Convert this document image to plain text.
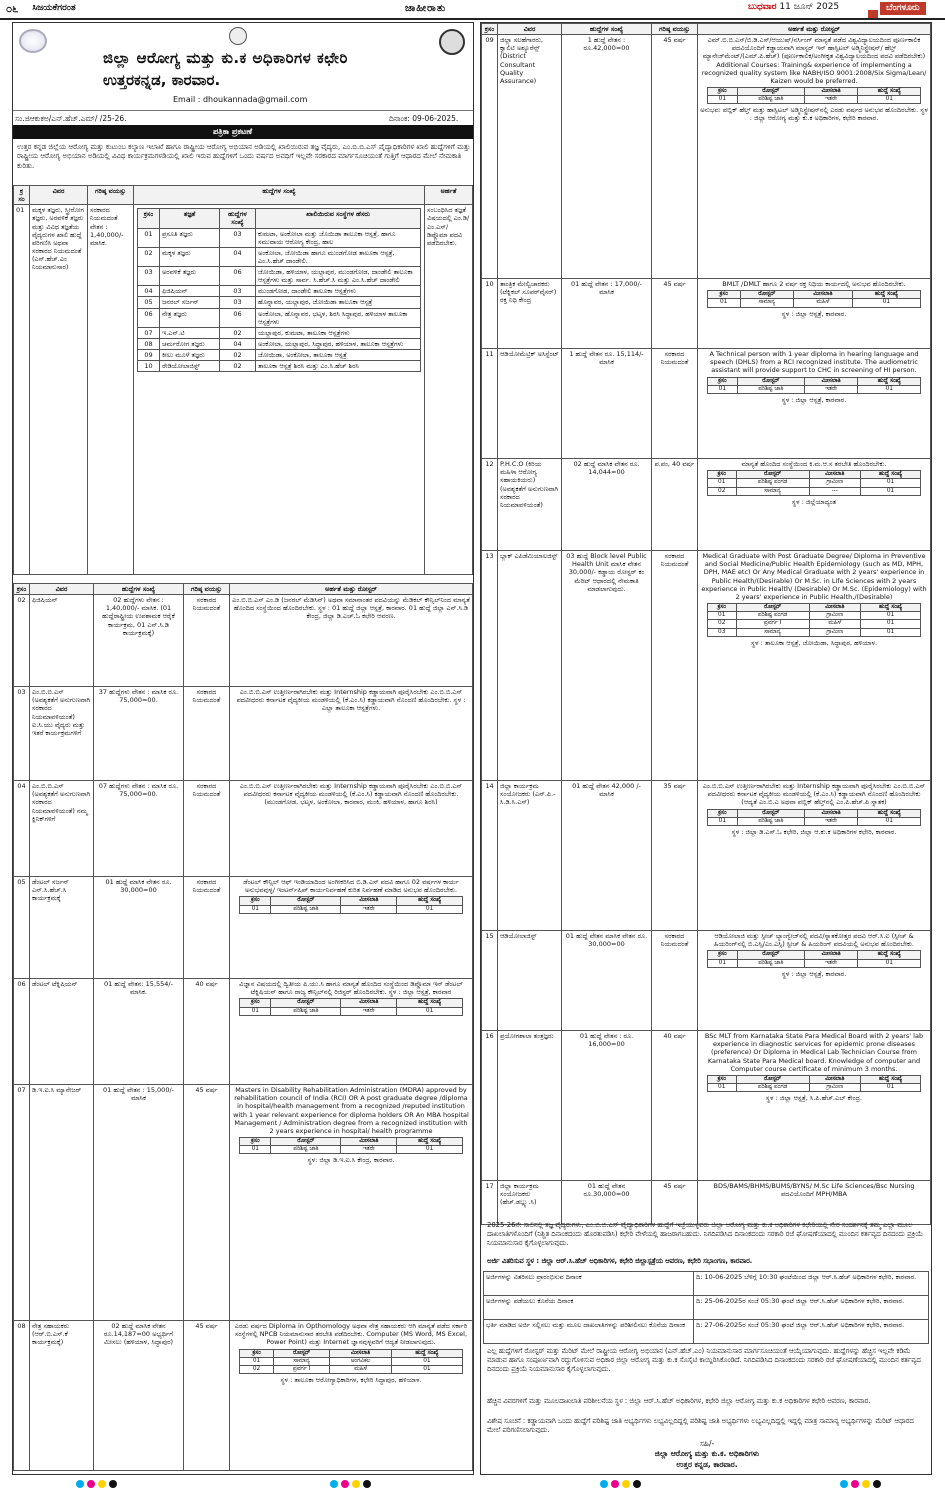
೦೬	ಸಿಜಯಕೆಗರಂತ	ಜಾಹೀರಾತು	ಬುಧವಾರ 11 ಜೂನ್ 2025	ಬೆಂಗಳೂರು
ಜಿಲ್ಲಾ ಆರೋಗ್ಯ ಮತ್ತು ಕು.ಕ ಅಧಿಕಾರಿಗಳ ಕಛೇರಿ
ಉತ್ತರಕನ್ನಡ, ಕಾರವಾರ.
Email : dhoukannada@gmail.com
ಸಂ.ಜಿಆಕುಕಅ/ಎನ್.ಹೆಚ್.ಎಮ್/ /25-26.	ದಿನಾಂಕ: 09-06-2025.
ಪತ್ರಿಕಾ ಪ್ರಕಟಣೆ
ಉತ್ತರ ಕನ್ನಡ ಜಿಲ್ಲೆಯ ಆರೋಗ್ಯ ಮತ್ತು ಕುಟುಂಬ ಕಲ್ಯಾಣ ಇಲಾಖೆ ಹಾಗೂ ರಾಷ್ಟ್ರೀಯ ಆರೋಗ್ಯ ಅಭಿಯಾನ ಅಡಿಯಲ್ಲಿ ಖಾಲಿಯಿರುವ ತಜ್ಞ ವೈದ್ಯರು, ಎಂ.ಬಿ.ಬಿ.ಎಸ್ ವೈದ್ಯಾಧಿಕಾರಿಗಳ ಖಾಲಿ ಹುದ್ದೆಗಳಿಗೆ ಮತ್ತು ರಾಷ್ಟ್ರೀಯ ಆರೋಗ್ಯ ಅಭಿಯಾನ ಅಡಿಯಲ್ಲಿ ವಿವಿಧ ಕಾರ್ಯಕ್ರಮಗಳಡಿಯಲ್ಲಿ ಖಾಲಿ ಇರುವ ಹುದ್ದೆಗಳಿಗೆ ಒಂದು ವರ್ಷದ ಅವಧಿಗೆ ಇಲ್ಲವೇ ಸರಕಾರದ ಮಾರ್ಗಸೂಚಿಯಂತೆ ಗುತ್ತಿಗೆ ಆಧಾರದ ಮೇಲೆ ನೇಮಕಾತಿ ಕುರಿತು.
ಕ್ರ ಸಂ	ವಿವರ	ಗರಿಷ್ಠ ವಯಸ್ಸು	ಹುದ್ದೆಗಳ ಸಂಖ್ಯೆ	ಅರ್ಹತೆ
01	ಮಕ್ಕಳ ತಜ್ಞರು, ಸ್ತ್ರೀರೋಗ ತಜ್ಞರು, ಅರವಳಿಕೆ ತಜ್ಞರು ಮತ್ತು ವಿವಿಧ ತಜ್ಞತೆಯ ವೈದ್ಯರುಗಳ ಖಾಲಿ ಹುದ್ದೆ ಪರಿಗಣಿಸಿ ಅಥವಾ ಸರಕಾರದ ನಿಯಮದಂತೆ (ಎನ್.ಹೆಚ್.ಎಂ ನಿಯಮಾನುಸಾರ)	ಸರಕಾರದ ನಿಯಮದಂತೆ ವೇತನ : 1,40,000/- ಮಾಸಿಕ.	
ಕ್ರಸಂ	ತಜ್ಞತೆ	ಹುದ್ದೆಗಳ ಸಂಖ್ಯೆ	ಖಾಲಿಯಿರುವ ಸಂಸ್ಥೆಗಳ ಹೆಸರು
01	ಪ್ರಸೂತಿ ತಜ್ಞರು	03	ಕುಮಟಾ, ಅಂಕೋಲಾ ಮತ್ತು ಜೊಯಿಡಾ ತಾಲೂಕಾ ಆಸ್ಪತ್ರೆ, ಹಾಗೂ ಸಮುದಾಯ ಆರೋಗ್ಯ ಕೇಂದ್ರ, ಹಾಲ
02	ಮಕ್ಕಳ ತಜ್ಞರು	04	ಅಂಕೋಲಾ, ಜೋಯಿಡಾ ಹಾಗೂ ಮುಂಡಗೋಡ ತಾಲೂಕಾ ಆಸ್ಪತ್ರೆ, ಎಂ.ಸಿ.ಹೆಚ್ ದಾಂಡೇಲಿ.
03	ಅರವಳಿಕೆ ತಜ್ಞರು	06	ಜೋಯಿಡಾ, ಹಳಿಯಾಳ, ಯಲ್ಲಾಪುರ, ಮುಂಡಗೋಡ, ದಾಂಡೇಲಿ ತಾಲೂಕಾ ಆಸ್ಪತ್ರೆಗಳು ಮತ್ತು ಸಾರ್ವ. ಸಿ.ಹೆಚ್.ಸಿ ಮತ್ತು ಎಂ.ಸಿ.ಹೆಚ್ ದಾಂಡೇಲಿ
04	ಫಿಜಿಷಿಯನ್	03	ಮುಂಡಗೋಡ, ದಾಂಡೇಲಿ ತಾಲೂಕಾ ಆಸ್ಪತ್ರೆಗಳು
05	ಜನರಲ್ ಸರ್ಜನ್	03	ಹೊನ್ನಾವರ, ಯಲ್ಲಾಪುರ, ಜೋಯಿಡಾ ತಾಲೂಕಾ ಆಸ್ಪತ್ರೆ
06	ನೇತ್ರ ತಜ್ಞರು	06	ಅಂಕೋಲಾ, ಹೊನ್ನಾವರ, ಭಟ್ಕಳ, ಶಿರಸಿ ಸಿದ್ಧಾಪುರ, ಹಳಿಯಾಳ ತಾಲೂಕಾ ಆಸ್ಪತ್ರೆಗಳು
07	ಇ.ಎನ್.ಟಿ	02	ಯಲ್ಲಾಪುರ, ಕುಮಟಾ, ತಾಲೂಕಾ ಆಸ್ಪತ್ರೆಗಳು
08	ಚರ್ಮರೋಗ ತಜ್ಞರು	04	ಅಂಕೋಲಾ, ಯಲ್ಲಾಪುರ, ಸಿದ್ಧಾಪುರ, ಹಳಿಯಾಳ, ತಾಲೂಕಾ ಆಸ್ಪತ್ರೆಗಳು
09	ಕೀಲು ಮೂಳೆ ತಜ್ಞರು	02	ಜೋಯಿಡಾ, ಅಂಕೋಲಾ, ತಾಲೂಕಾ ಆಸ್ಪತ್ರೆ
10	ರೇಡಿಯೋಲಾಜಿಸ್ಟ್	02	ತಾಲೂಕಾ ಆಸ್ಪತ್ರೆ ಶಿರಸಿ ಮತ್ತು ಎಂ.ಸಿ.ಹೆಚ್ ಶಿರಸಿ
	ಸಂಬಂಧಿಸಿದ ತಜ್ಞತೆ ವಿಷಯದಲ್ಲಿ ಎಂ.ಡಿ/ ಎಂ.ಎಸ್/ ಡಿಪ್ಲೊಮಾ ಪದವಿ ಪಡೆದಿರಬೇಕು.
ಕ್ರಸಂ	ವಿವರ	ಹುದ್ದೆಗಳ ಸಂಖ್ಯೆ	ಗರಿಷ್ಠ ವಯಸ್ಸು	ಅರ್ಹತೆ ಮತ್ತು ರೋಸ್ಟರ್
02	ಫಿಜಿಷಿಯನ್	02 ಹುದ್ದೆಗಳು ವೇತನ : 1,40,000/- ಮಾಸಿಕ. (01 ಹುದ್ದೆರಾಷ್ಟ್ರೀಯ ಉಪಶಾಮಕ ಆರೈಕೆ ಕಾರ್ಯಕ್ರಮ, 01 ಎನ್.ಸಿ.ಡಿ ಕಾರ್ಯಕ್ರಮಕ್ಕೆ)	ಸರಕಾರದ ನಿಯಮದಂತೆ	
ಎಂ.ಬಿ.ಬಿ.ಎಸ್ ಎಂ.ಡಿ (ಜನರಲ್ ಮೆಡಿಸಿನ್) ಅಥವಾ ಸಮಾನಾಂತರ ಪದವಿಯನ್ನು ಮೆಡಿಕಲ್ ಕೌನ್ಸಿಲ್‌ನಿಂದ ಮಾನ್ಯತೆ ಹೊಂದಿದ ಸಂಸ್ಥೆಯಿಂದ ಹೊಂದಿರಬೇಕು. ಸ್ಥಳ : 01 ಹುದ್ದೆ ಜಿಲ್ಲಾ ಆಸ್ಪತ್ರೆ, ಕಾರವಾರ. 01 ಹುದ್ದೆ ಜಿಲ್ಲಾ ಎನ್.ಸಿ.ಡಿ ಕೇಂದ್ರ, ಜಿಲ್ಲಾ ಡಿ.ಎಚ್.ಓ ಕಛೇರಿ ಆವರಣ.

03	ಎಂ.ಬಿ.ಬಿ.ಎಸ್ (ಅವಶ್ಯಕತೆಗೆ ಅನುಗುಣವಾಗಿ ಸರಕಾರದ ನಿಯಮಾವಳಿಯಂತೆ) ಐ.ಸಿ.ಯು ವೈದ್ಯರು ಮತ್ತು ಇತರೆ ಕಾರ್ಯಕ್ರಮಗಳಿಗೆ	37 ಹುದ್ದೆಗಳು ವೇತನ : ಮಾಸಿಕ ರೂ. 75,000=00.	ಸರಕಾರದ ನಿಯಮದಂತೆ	
ಎಂ.ಬಿ.ಬಿ.ಎಸ್ ಉತ್ತೀರ್ಣರಾಗಿರಬೇಕು ಮತ್ತು Internship ಕಡ್ಡಾಯವಾಗಿ ಪೂರೈಸಿರಬೇಕು ಎಂ.ಬಿ.ಬಿ.ಎಸ್ ಪದವೀಧರರು ಕರ್ನಾಟಕ ವೈದ್ಯಕೀಯ ಮಂಡಳಿಯಲ್ಲಿ (ಕೆ.ಎಂ.ಸಿ) ಕಡ್ಡಾಯವಾಗಿ ನೊಂದಣಿ ಹೊಂದಿರಬೇಕು. ಸ್ಥಳ : ಎಲ್ಲಾ ತಾಲೂಕಾ ಆಸ್ಪತ್ರೆಗಳು.

04	ಎಂ.ಬಿ.ಬಿ.ಎಸ್ (ಅವಶ್ಯಕತೆಗೆ ಅನುಗುಣವಾಗಿ ಸರಕಾರದ ನಿಯಮಾವಳಿಯಂತೆ) ನಮ್ಮ ಕ್ಲಿನಿಕ್‌ಗಳಿಗೆ	07 ಹುದ್ದೆಗಳು ವೇತನ : ಮಾಸಿಕ ರೂ. 75,000=00.	ಸರಕಾರದ ನಿಯಮದಂತೆ	
ಎಂ.ಬಿ.ಬಿ.ಎಸ್ ಉತ್ತೀರ್ಣರಾಗಿರಬೇಕು ಮತ್ತು Internship ಕಡ್ಡಾಯವಾಗಿ ಪೂರೈಸಿರಬೇಕು ಎಂ.ಬಿ.ಬಿ.ಎಸ್ ಪದವೀಧರರು ಕರ್ನಾಟಕ ವೈದ್ಯಕೀಯ ಮಂಡಳಿಯಲ್ಲಿ (ಕೆ.ಎಂ.ಸಿ) ಕಡ್ಡಾಯವಾಗಿ ನೊಂದಣಿ ಹೊಂದಿರಬೇಕು. (ಮುಂಡಗೋಡ, ಭಟ್ಕಳ, ಅಂಕೋಲಾ, ಕಾರವಾರ, ಮಂಕಿ, ಹಳಿಯಾಳ, ಹಾಗೂ ಶಿರಸಿ)

05	ಡೆಂಟಲ್ ಸರ್ಜನ್ ಎನ್.ಸಿ.ಹೆಚ್.ಸಿ ಕಾರ್ಯಕ್ರಮಕ್ಕೆ	01 ಹುದ್ದೆ ಮಾಸಿಕ ವೇತನ ರೂ. 30,000=00	ಸರಕಾರದ ನಿಯಮದಂತೆ	
ಡೆಂಟಲ್ ಕೌನ್ಸಿಲ್ ಆಫ್ ಇಂಡಿಯಾದಿಂದ ಅಂಗೀಕರಿಸಿದ ಬಿ.ಡಿ.ಎಸ್ ಪದವಿ ಹಾಗೂ 02 ವರ್ಷಗಳ ಕಾರ್ಯ ಅನುಭವವುಳ್ಳ/ ಇಂಟರ್ನ್‌ಷಿಪ್ ಕಾರ್ಯನಿರ್ವಹಣೆ ಕುರಿತ ನಿರ್ವಹಣೆ ಮಾಡಿದ ಅನುಭವ ಹೊಂದಿರಬೇಕು.
ಕ್ರಸಂ	ರೋಸ್ಟರ್	ಮೀಸಲಾತಿ	ಹುದ್ದೆ ಸಂಖ್ಯೆ
01	ಪರಿಶಿಷ್ಟ ಜಾತಿ	ಇತರೇ	01

06	ಡೆಂಟಲ್ ಟೆಕ್ನಿಷಿಯನ್	01 ಹುದ್ದೆ ವೇತನ: 15,554/- ಮಾಸಿಕ.	40 ವರ್ಷ	ವಿಜ್ಞಾನ ವಿಷಯದಲ್ಲಿ ದ್ವಿತೀಯ ಪಿ.ಯು.ಸಿ ಹಾಗೂ ಮಾನ್ಯತೆ ಹೊಂದಿದ ಸಂಸ್ಥೆಯಿಂದ ಡಿಪ್ಲೊಮಾ ಇನ್ ಡೆಂಟಲ್ ಟೆಕ್ನಿಷಿಯನ್ ಹಾಗೂ ರಾಜ್ಯ ಕೌನ್ಸಿಲ್‌ನಲ್ಲಿ ರಿಜಿಸ್ಟರ್ ಹೊಂದಿರಬೇಕು. ಸ್ಥಳ : ಜಿಲ್ಲಾ ಆಸ್ಪತ್ರೆ, ಕಾರವಾರ
ಕ್ರಸಂ	ರೋಸ್ಟರ್	ಮೀಸಲಾತಿ	ಹುದ್ದೆ ಸಂಖ್ಯೆ
01	ಪರಿಶಿಷ್ಟ ಜಾತಿ	ಇತರೇ	01

07	ಡಿ.ಇ.ಐ.ಸಿ ಮ್ಯಾನೇಜರ್	01 ಹುದ್ದೆ ವೇತನ : 15,000/- ಮಾಸಿಕ	45 ವರ್ಷ	Masters in Disability Rehabilitation Administration (MDRA) approved by rehabilitation council of India (RCI) OR A post graduate degree /diploma in hospital/health management from a recognized /reputed institution with 1 year relevant experience for diploma holders OR An MBA hospital Management / Administration degree from a recognized institution with 2 years experience in hospital/ health programme
ಕ್ರಸಂ	ರೋಸ್ಟರ್	ಮೀಸಲಾತಿ	ಹುದ್ದೆ ಸಂಖ್ಯೆ
01	ಪರಿಶಿಷ್ಟ ಜಾತಿ	ಇತರೇ	01
ಸ್ಥಳ: ಜಿಲ್ಲಾ ಡಿ.ಇ.ಐ.ಸಿ ಕೇಂದ್ರ, ಕಾರವಾರ.

08	ನೇತ್ರ ಸಹಾಯಕರು (ಆರ್.ಬಿ.ಎಸ್.ಕೆ ಕಾರ್ಯಕ್ರಮಕ್ಕೆ)	02 ಹುದ್ದೆ ಮಾಸಿಕ ವೇತನ ರೂ.14,187=00 ಅಭ್ಯರ್ಥಿಗೆ ಮೀಸಲು (ಹಳಿಯಾಳ, ಸಿದ್ಧಾಪುರ)	45 ವರ್ಷ	ಎರಡು ವರ್ಷದ Diploma in Opthomology ಅಥವಾ ನೇತ್ರ ಸಹಾಯಕರು ಆಗಿ ಮಾನ್ಯತೆ ಪಡೆದ ಸರ್ಕಾರಿ ಸಂಸ್ಥೆಗಳಲ್ಲಿ NPCB ನಿಯಮಾನುಸಾರ ತರಬೇತಿ ಪಡೆದಿರಬೇಕು. Computer (MS Word, MS Excel, Power Point) ಮತ್ತು Internet ಜ್ಞಾನವುಳ್ಳವರಿಗೆ ಆದ್ಯತೆ ನೀಡಲಾಗುವುದು.
ಕ್ರಸಂ	ರೋಸ್ಟರ್	ಮೀಸಲಾತಿ	ಹುದ್ದೆ ಸಂಖ್ಯೆ
01	ಸಾಮಾನ್ಯ	ಅಂಗವಿಕಲ	01
02	ಪ್ರವರ್ಗ I	ಮಹಿಳೆ	01
ಸ್ಥಳ : ತಾಲೂಕಾ ಆರೋಗ್ಯಾಧಿಕಾರಿಗಳ, ಕಛೇರಿ ಸಿದ್ಧಾಪುರ, ಹಳಿಯಾಳ.
ಕ್ರಸಂ	ವಿವರ	ಹುದ್ದೆಗಳ ಸಂಖ್ಯೆ	ಗರಿಷ್ಠ ವಯಸ್ಸು	ಅರ್ಹತೆ ಮತ್ತು ರೋಸ್ಟರ್
09	ಜಿಲ್ಲಾ ಸಲಹೆಗಾರರು, ಕ್ವಾಲಿಟಿ ಅಶ್ಯೂರೆನ್ಸ್ (District Consultant Quality Assurance)	1 ಹುದ್ದೆ ವೇತನ : ರೂ.42,000=00	45 ವರ್ಷ	ಎಮ್.ಬಿ.ಬಿ.ಎಸ್/ಬಿ.ಡಿ.ಎಸ್/ಆಯುಷ್/ನರ್ಸಿಂಗ್ ಮಾನ್ಯತೆ ಪಡೆದ ವಿಶ್ವವಿದ್ಯಾಲಯದಿಂದ ಪೂರ್ಣಕಾಲಿಕ ಪದವಿಯೊಂದಿಗೆ ಕಡ್ಡಾಯವಾಗಿ ಮಾಸ್ಟರ್ ಇನ್ ಹಾಸ್ಪಿಟಲ್ ಅಡ್ಮಿನಿಸ್ಟ್ರೇಷನ್/ ಹೆಲ್ತ್ ಮ್ಯಾನೇಜ್‌ಮೆಂಟ್/(ಎಮ್.ಪಿ.ಹೆಚ್) (ಪೂರ್ಣಕಾಲಿಕ/ಅಂಗೀಕೃತ ವಿಶ್ವವಿದ್ಯಾಲಯದಿಂದ ಪದವಿ ಪಡೆದಿರಬೇಕು) Additional Courses: Training& experience of implementing a recognized quality system like NABH/ISO 9001:2008/Six Sigma/Lean/ Kaizen would be preferred.
ಕ್ರಸಂ	ರೋಸ್ಟರ್	ಮೀಸಲಾತಿ	ಹುದ್ದೆ ಸಂಖ್ಯೆ
01	ಪರಿಶಿಷ್ಟ ಜಾತಿ	ಇತರೇ	01
ಅನುಭವ: ಪಬ್ಲಿಕ್ ಹೆಲ್ತ್ ಮತ್ತು ಹಾಸ್ಪಿಟಲ್ ಅಡ್ಮಿನಿಸ್ಟ್ರೇಷನ್‌ನಲ್ಲಿ ಎರಡು ವರ್ಷದ ಅನುಭವ ಹೊಂದಿರಬೇಕು. ಸ್ಥಳ : ಜಿಲ್ಲಾ ಆರೋಗ್ಯ ಮತ್ತು ಕು.ಕ ಅಧಿಕಾರಿಗಳ, ಕಛೇರಿ ಕಾರವಾರ.

10	ತಾಂತ್ರಿಕ ಮೇಲ್ವಿಚಾರಕರು (ಟೆಕ್ನಿಕಲ್ ಸೂಪರ್‌ವೈಸರ್) ರಕ್ತ ನಿಧಿ ಕೇಂದ್ರ	01 ಹುದ್ದೆ ವೇತನ : 17,000/- ಮಾಸಿಕ	45 ವರ್ಷ	BMLT /DMLT ಹಾಗೂ 2 ವರ್ಷ ರಕ್ತ ನಿಧಿಯ ಕಾರ್ಯದಲ್ಲಿ ಅನುಭವ ಹೊಂದಿರಬೇಕು.
ಕ್ರಸಂ	ರೋಸ್ಟರ್	ಮೀಸಲಾತಿ	ಹುದ್ದೆ ಸಂಖ್ಯೆ
01	ಸಾಮಾನ್ಯ	ಮಹಿಳೆ	01
ಸ್ಥಳ : ಜಿಲ್ಲಾ ಆಸ್ಪತ್ರೆ, ಕಾರವಾರ.

11	ಆಡಿಯೋಮೆಟ್ರಿಕ್ ಅಸಿಸ್ಟೆಂಟ್	1 ಹುದ್ದೆ ವೇತನ ರೂ. 15,114/- ಮಾಸಿಕ	ಸರಕಾರದ ನಿಯಮದಂತೆ	
A Technical person with 1 year diploma in hearing language and speech (DHLS) from a RCI recognized institute. The audiometric assistant will provide support to CHC in screening of HI person.
ಕ್ರಸಂ	ರೋಸ್ಟರ್	ಮೀಸಲಾತಿ	ಹುದ್ದೆ ಸಂಖ್ಯೆ
01	ಪರಿಶಿಷ್ಟ ಜಾತಿ	ಇತರೇ	01
ಸ್ಥಳ : ಜಿಲ್ಲಾ ಆಸ್ಪತ್ರೆ, ಕಾರವಾರ.

12	P.H.C.O (ಕಿರಿಯ ಮಹಿಳಾ ಆರೋಗ್ಯ ಸಹಾಯಕಿಯರು) (ಅವಶ್ಯಕತೆಗೆ ಅನುಗುಣವಾಗಿ ಸರಕಾರದ ನಿಯಮಾವಳಿಯಂತೆ)	02 ಹುದ್ದೆ ಮಾಸಿಕ ವೇತನ ರೂ. 14,044=00	ಪ.ಪಂ, 40 ವರ್ಷ	ಮಾನ್ಯತೆ ಹೊಂದಿದ ಸಂಸ್ಥೆಯಿಂದ ಕಿ.ಮ.ಆ.ಸ ತರಬೇತಿ ಹೊಂದಿರಬೇಕು.
ಕ್ರಸಂ	ರೋಸ್ಟರ್	ಮೀಸಲಾತಿ	ಹುದ್ದೆ ಸಂಖ್ಯೆ
01	ಪರಿಶಿಷ್ಟ ಪಂಗಡ	ಗ್ರಾಮೀಣ	01
02	ಸಾಮಾನ್ಯ	---	01
ಸ್ಥಳ : ಜಿಲ್ಲೆಯಾದ್ಯಂತ

13	ಬ್ಲಾಕ್ ಎಪಿಡೆಮಿಯಾಲಜಿಸ್ಟ್	03 ಹುದ್ದೆ Block level Public Health Unit ಮಾಸಿಕ ವೇತನ 30,000/- ಕಡ್ಡಾಯ ರೋಸ್ಟರ್ ಕಂ ಮೆರಿಟ್ ಆಧಾರದಲ್ಲಿ ನೇಮಕಾತಿ ಮಾಡಲಾಗುವುದು.	ಸರಕಾರದ ನಿಯಮದಂತೆ	
Medical Graduate with Post Graduate Degree/ Diploma in Preventive and Social Medicine/Public Health Epidemiology (such as MD, MPH, DPH, MAE etc) Or Any Medical Graduate with 2 years' experience in Public Health/(Desirable) Or M.Sc. in Life Sciences with 2 years experience in Public Health/ (Desirable) Or M.Sc. (Epidemiology) with 2 years' experience in Public Health,/(Desirable)
ಕ್ರಸಂ	ರೋಸ್ಟರ್	ಮೀಸಲಾತಿ	ಹುದ್ದೆ ಸಂಖ್ಯೆ
01	ಪರಿಶಿಷ್ಟ ಪಂಗಡ	ಗ್ರಾಮೀಣ	01
02	ಪ್ರವರ್ಗ I	ಮಹಿಳೆ	01
03	ಸಾಮಾನ್ಯ	ಗ್ರಾಮೀಣ	01
ಸ್ಥಳ : ತಾಲೂಕಾ ಆಸ್ಪತ್ರೆ, ಜೋಯಿಡಾ, ಸಿದ್ಧಾಪುರ, ಹಳಿಯಾಳ.

14	ಜಿಲ್ಲಾ ಕಾರ್ಯಕ್ರಮ ಸಂಯೋಜಕರು (ಎನ್.ಪಿ.-ಸಿ.ಡಿ.ಸಿ.ಎಸ್)	01 ಹುದ್ದೆ ವೇತನ 42,000 /- ಮಾಸಿಕ	35 ವರ್ಷ	ಎಂ.ಬಿ.ಬಿ.ಎಸ್ ಉತ್ತೀರ್ಣರಾಗಿರಬೇಕು ಮತ್ತು Internship ಕಡ್ಡಾಯವಾಗಿ ಪೂರೈಸಿರಬೇಕು ಎಂ.ಬಿ.ಬಿ.ಎಸ್ ಪದವೀಧರರು ಕರ್ನಾಟಕ ವೈದ್ಯಕೀಯ ಮಂಡಳಿಯಲ್ಲಿ (ಕೆ.ಎಂ.ಸಿ) ಕಡ್ಡಾಯವಾಗಿ ನೊಂದಣಿ ಹೊಂದಿರಬೇಕು (ಆದ್ಯತೆ ಎಂ.ಬಿ.ಎ ಅಥವಾ ಪಬ್ಲಿಕ್ ಹೆಲ್ತ್‌ನಲ್ಲಿ ಎಂ.ಪಿ.ಹೆಚ್.ಪಿ ಸ್ನಾತಕ)
ಕ್ರಸಂ	ರೋಸ್ಟರ್	ಮೀಸಲಾತಿ	ಹುದ್ದೆ ಸಂಖ್ಯೆ
01	ಪರಿಶಿಷ್ಟ ಜಾತಿ	ಇತರೇ	01
ಸ್ಥಳ : ಜಿಲ್ಲಾ ಡಿ.ಎಸ್.ಓ ಕಛೇರಿ, ಜಿಲ್ಲಾ ಆ.ಕು.ಕ ಅಧಿಕಾರಿಗಳ ಕಛೇರಿ, ಕಾರವಾರ.

15	ಆಡಿಯೋಲಾಜಿಸ್ಟ್	01 ಹುದ್ದೆ ವೇತನ ಮಾಸಿಕ ವೇತನ ರೂ. 30,000=00	ಸರಕಾರದ ನಿಯಮದಂತೆ	
ಆಡಿಯೋಲಾಜಿ ಮತ್ತು ಸ್ಪೀಚ್ ಲ್ಯಾಂಗ್ವೇಜ್‌ನಲ್ಲಿ ಪದವಿ/ಸ್ನಾತಕೋತ್ತರ ಪದವಿ ಆರ್.ಸಿ.ಐ (ಸ್ಪೀಚ್ & ಹಿಯರಿಂಗ್‌ನಲ್ಲಿ ಬಿ.ಎಸ್ಸಿ/ಎಂ.ಎಸ್ಸಿ) ಸ್ಪೀಚ್ & ಹಿಯರಿಂಗ್ ಪದವಿಯಲ್ಲಿ ಅನುಭವ ಹೊಂದಿರಬೇಕು.
ಕ್ರಸಂ	ರೋಸ್ಟರ್	ಮೀಸಲಾತಿ	ಹುದ್ದೆ ಸಂಖ್ಯೆ
01	ಪರಿಶಿಷ್ಟ ಜಾತಿ	ಇತರೇ	01
ಸ್ಥಳ : ಜಿಲ್ಲಾ ಆಸ್ಪತ್ರೆ, ಕಾರವಾರ.

16	ಪ್ರಯೋಗಶಾಲಾ ತಂತ್ರಜ್ಞರು	01 ಹುದ್ದೆ ವೇತನ : ರೂ. 16,000=00	40 ವರ್ಷ	BSc MLT from Karnataka State Para Medical Board with 2 years' lab experience in diagnostic services for epidemic prone diseases (preference) Or Diploma in Medical Lab Technician Course from Karnataka State Para Medical board. Knowledge of computer and Computer course certificate of minimum 3 months.
ಕ್ರಸಂ	ರೋಸ್ಟರ್	ಮೀಸಲಾತಿ	ಹುದ್ದೆ ಸಂಖ್ಯೆ
01	ಪರಿಶಿಷ್ಟ ಪಂಗಡ	ಗ್ರಾಮೀಣ	01
ಸ್ಥಳ : ಜಿಲ್ಲಾ ಆಸ್ಪತ್ರೆ, ಸಿ.ಪಿ.ಹೆಚ್.ಎಲ್ ಕೇಂದ್ರ.

17	ಜಿಲ್ಲಾ ಕಾರ್ಯಕ್ರಮ ಸಂಯೋಜಕರು (ಹೆಚ್.ಡಬ್ಲ್ಯು.ಸಿ)	01 ಹುದ್ದೆ ವೇತನ ರೂ.30,000=00	45 ವರ್ಷ	BDS/BAMS/BHMS/BUMS/BYNS/ M.Sc Life Sciences/Bsc Nursing ಪದವಿಯೊಂದಿಗೆ MPH/MBA
2025-26ನೇ ಸಾಲಿನಲ್ಲಿ ತಜ್ಞ ವೈದ್ಯರುಗಳು, ಎಂ.ಬಿ.ಬಿ.ಎಸ್ ವೈದ್ಯಾಧಿಕಾರಿಗಳ ಹುದ್ದೆಗೆ ಇಚ್ಛೆಯುಳ್ಳವರು ಜಿಲ್ಲಾ ಆರೋಗ್ಯ ಮತ್ತು ಕು.ಕ ಅಧಿಕಾರಿಗಳ ಕಛೇರಿಯಲ್ಲಿ ನೇರ ಸಂದರ್ಶನಕ್ಕೆ ತಮ್ಮ ಎಲ್ಲಾ ಮೂಲ ದಾಖಲಾತಿಗಳೊಂದಿಗೆ (ನಿಶ್ಚಿತ ದಿನಾಂಕದಂದು ಹೊರತುಪಡಿಸಿ) ಕಛೇರಿ ವೇಳೆಯಲ್ಲಿ ಹಾಜರಾಗಬಹುದು. ನಿಗದಿಪಡಿಸಿದ ದಿನಾಂಕದಂದು ಸರಕಾರಿ ರಜೆ ಘೋಷಣೆಯಾದಲ್ಲಿ ಮುಂದಿನ ಕರ್ತವ್ಯದ ದಿನದಂದು ಪ್ರಕ್ರಿಯೆ ನಿಯಮಾನುಸಾರ ಕೈಗೊಳ್ಳಲಾಗುವುದು.
ಅರ್ಜಿ ವಿತರಿಸುವ ಸ್ಥಳ : ಜಿಲ್ಲಾ ಆರ್.ಸಿ.ಹೆಚ್ ಅಧಿಕಾರಿಗಳ, ಕಛೇರಿ ಜಿಲ್ಲಾಸ್ಪತ್ರೆಯ ಆವರಣ, ಕಛೇರಿ ಸಭಾಂಗಣ, ಕಾರವಾರ.
ಅರ್ಜಿಗಳನ್ನು ವಿತರಿಸಲು ಪ್ರಾರಂಭಿಸುವ ದಿನಾಂಕ	ದಿ: 10-06-2025 ಬೆಳಿಗ್ಗೆ 10:30 ಘಂಟೆಯಿಂದ ಜಿಲ್ಲಾ ಆರ್.ಸಿ.ಹೆಚ್ ಅಧಿಕಾರಿಗಳ ಕಛೇರಿ, ಕಾರವಾರ.
ಅರ್ಜಿಗಳನ್ನು ಪಡೆಯಲು ಕೊನೆಯ ದಿನಾಂಕ	ದಿ: 25-06-2025ರ ಸಂಜೆ 05:30 ಘಂಟೆ ಜಿಲ್ಲಾ ಆರ್.ಸಿ.ಹೆಚ್ ಅಧಿಕಾರಿಗಳ ಕಛೇರಿ, ಕಾರವಾರ.
ಭರ್ತಿ ಮಾಡಿದ ಅರ್ಜಿ ಸಲ್ಲಿಸಲು ಮತ್ತು ಮೂಲ ದಾಖಲಾತಿಗಳನ್ನು ಪರಿಶೀಲಿಸಲು ಕೊನೆಯ ದಿನಾಂಕ	ದಿ: 27-06-2025ರ ಸಂಜೆ 05:30 ಘಂಟೆ ಜಿಲ್ಲಾ ಆರ್.ಸಿ.ಹೆಚ್ ಅಧಿಕಾರಿಗಳ ಕಛೇರಿ, ಕಾರವಾರ.
ಎಲ್ಲ ಹುದ್ದೆಗಳಿಗೆ ರೋಸ್ಟರ್ ಮತ್ತು ಮೆರಿಟ್ ಮೇಲೆ ರಾಷ್ಟ್ರೀಯ ಆರೋಗ್ಯ ಅಭಿಯಾನ (ಎನ್.ಹೆಚ್.ಎಂ) ನಿಯಮಾನುಸಾರ ಮಾರ್ಗಸೂಚಿಯಂತೆ ಆಯ್ಕೆಯಾಗುವುದು. ಹುದ್ದೆಗಳನ್ನು ಹೆಚ್ಚಿಸ ಇಲ್ಲವೇ ಕಡಿಮೆ ಮಾಡುವ ಹಾಗೂ ಸಂಪೂರ್ಣವಾಗಿ ರದ್ದುಗೊಳಿಸುವ ಅಧಿಕಾರ ಜಿಲ್ಲಾ ಆರೋಗ್ಯ ಮತ್ತು ಕು.ಕ ಸೊಸೈಟಿ ಕಾಯ್ದಿರಿಸಿಕೊಂಡಿದೆ. ನಿಗದಿಪಡಿಸಿದ ದಿನಾಂಕದಂದು ಸರಕಾರಿ ರಜೆ ಘೋಷಣೆಯಾದಲ್ಲಿ ಮುಂದಿನ ಕರ್ತವ್ಯದ ದಿನದಂದು ಪ್ರಕ್ರಿಯೆ ನಿಯಮಾನುಸಾರ ಕೈಗೊಳ್ಳಲಾಗುವುದು.
ಹೆಚ್ಚಿನ ವಿವರಗಳಿಗೆ ಮತ್ತು ಮೂಲದಾಖಲಾತಿ ಪರಿಶೀಲನೆಯ ಸ್ಥಳ : ಜಿಲ್ಲಾ ಆರ್.ಸಿ.ಹೆಚ್ ಅಧಿಕಾರಿಗಳ, ಕಛೇರಿ ಜಿಲ್ಲಾ ಆರೋಗ್ಯ ಮತ್ತು ಕು.ಕ ಅಧಿಕಾರಿಗಳ ಕಛೇರಿ ಆವರಣ, ಕಾರವಾರ.
ವಿಶೇಷ ಸೂಚನೆ : ಕಡ್ಡಾಯವಾಗಿ ಒಂದು ಹುದ್ದೆಗೆ ಪರಿಶಿಷ್ಟ ಜಾತಿ ಅಭ್ಯರ್ಥಿಗಳು ಲಭ್ಯವಿಲ್ಲದಿದ್ದಲ್ಲಿ ಪರಿಶಿಷ್ಟ ಜಾತಿ ಅಭ್ಯರ್ಥಿಗಳು ಲಭ್ಯವಿಲ್ಲದಿದ್ದಲ್ಲಿ ಇದ್ದಲ್ಲಿ ಮಾತ್ರ ಸಾಮಾನ್ಯ ಅಭ್ಯರ್ಥಿಗಳನ್ನು ಮೆರಿಟ್ ಆಧಾರದ ಮೇಲೆ ಪರಿಗಣಿಸಲಾಗುವುದು.
ಸಹಿ/-
ಜಿಲ್ಲಾ ಆರೋಗ್ಯ ಮತ್ತು ಕು.ಕ. ಅಧಿಕಾರಿಗಳು
ಉತ್ತರ ಕನ್ನಡ, ಕಾರವಾರ.
